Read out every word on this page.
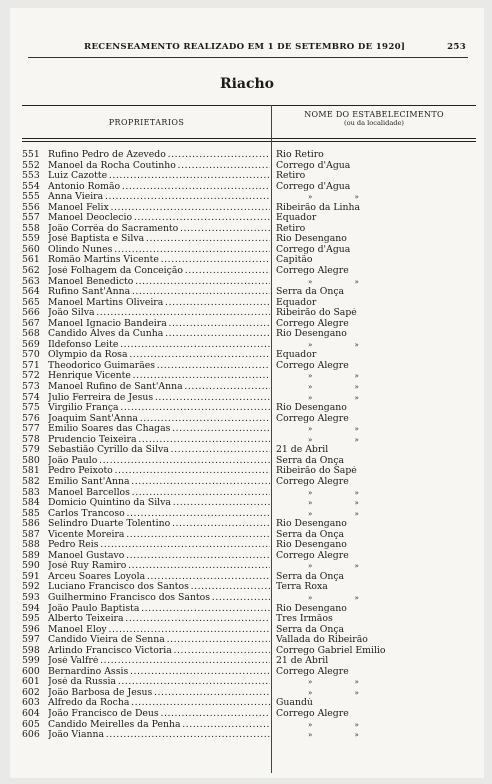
RECENSEAMENTO REALIZADO EM 1 DE SETEMBRO DE 1920]	253
Riacho
PROPRIETARIOS
NOME DO ESTABELECIMENTO
(ou da localidade)
551 Rufino Pedro de Azevedo . . .	Rio Retiro
552 Manoel da Rocha Coutinho . . .	Corrego d'Agua
553 Luiz Cazotte . . .	Retiro
554 Antonio Romão . . .	Corrego d'Agua
555 Anna Vieira . . .	» »
556 Manoel Felix . . .	Ribeirão da Linha
557 Manoel Deoclecio . . .	Equador
558 João Corrêa do Sacramento . . .	Retiro
559 José Baptista e Silva . . .	Rio Desengano
560 Olindo Nunes . . .	Corrego d'Agua
561 Romão Martins Vicente . . .	Capitão
562 José Folhagem da Conceição . . .	Corrego Alegre
563 Manoel Benedicto . . .	» »
564 Rufino Sant'Anna . . .	Serra da Onça
565 Manoel Martins Oliveira . . .	Equador
566 João Silva . . .	Ribeirão do Sapé
567 Manoel Ignacio Bandeira . . .	Corrego Alegre
568 Candido Alves da Cunha . . .	Rio Desengano
569 Ildefonso Leite . . .	» »
570 Olympio da Rosa . . .	Equador
571 Theodorico Guimarães . . .	Corrego Alegre
572 Henrique Vicente . . .	» »
573 Manoel Rufino de Sant'Anna . . .	» »
574 Julio Ferreira de Jesus . . .	» »
575 Virgilio França . . .	Rio Desengano
576 Joaquim Sant'Anna . . .	Corrego Alegre
577 Emilio Soares das Chagas . . .	» »
578 Prudencio Teixeira . . .	» »
579 Sebastião Cyrillo da Silva . . .	21 de Abril
580 João Paulo . . .	Serra da Onça
581 Pedro Peixoto . . .	Ribeirão do Sapé
582 Emilio Sant'Anna . . .	Corrego Alegre
583 Manoel Barcellos . . .	» »
584 Domicio Quintino da Silva . . .	» »
585 Carlos Trancoso . . .	» »
586 Selindro Duarte Tolentino . . .	Rio Desengano
587 Vicente Moreira . . .	Serra da Onça
588 Pedro Reis . . .	Rio Desengano
589 Manoel Gustavo . . .	Corrego Alegre
590 José Ruy Ramiro . . .	» »
591 Arceu Soares Loyola . . .	Serra da Onça
592 Luciano Francisco dos Santos . . .	Terra Roxa
593 Guilhermino Francisco dos Santos . . .	» »
594 João Paulo Baptista . . .	Rio Desengano
595 Alberto Teixeira . . .	Tres Irmãos
596 Manoel Eloy . . .	Serra da Onça
597 Candido Vieira de Senna . . .	Vallada do Ribeirão
598 Arlindo Francisco Victoria . . .	Corrego Gabriel Emilio
599 José Valfré . . .	21 de Abril
600 Bernardino Assis . . .	Corrego Alegre
601 José da Russia . . .	» »
602 João Barbosa de Jesus . . .	» »
603 Alfredo da Rocha . . .	Guandú
604 João Francisco de Deus . . .	Corrego Alegre
605 Candido Meirelles da Penha . . .	» »
606 João Vianna . . .	» »
